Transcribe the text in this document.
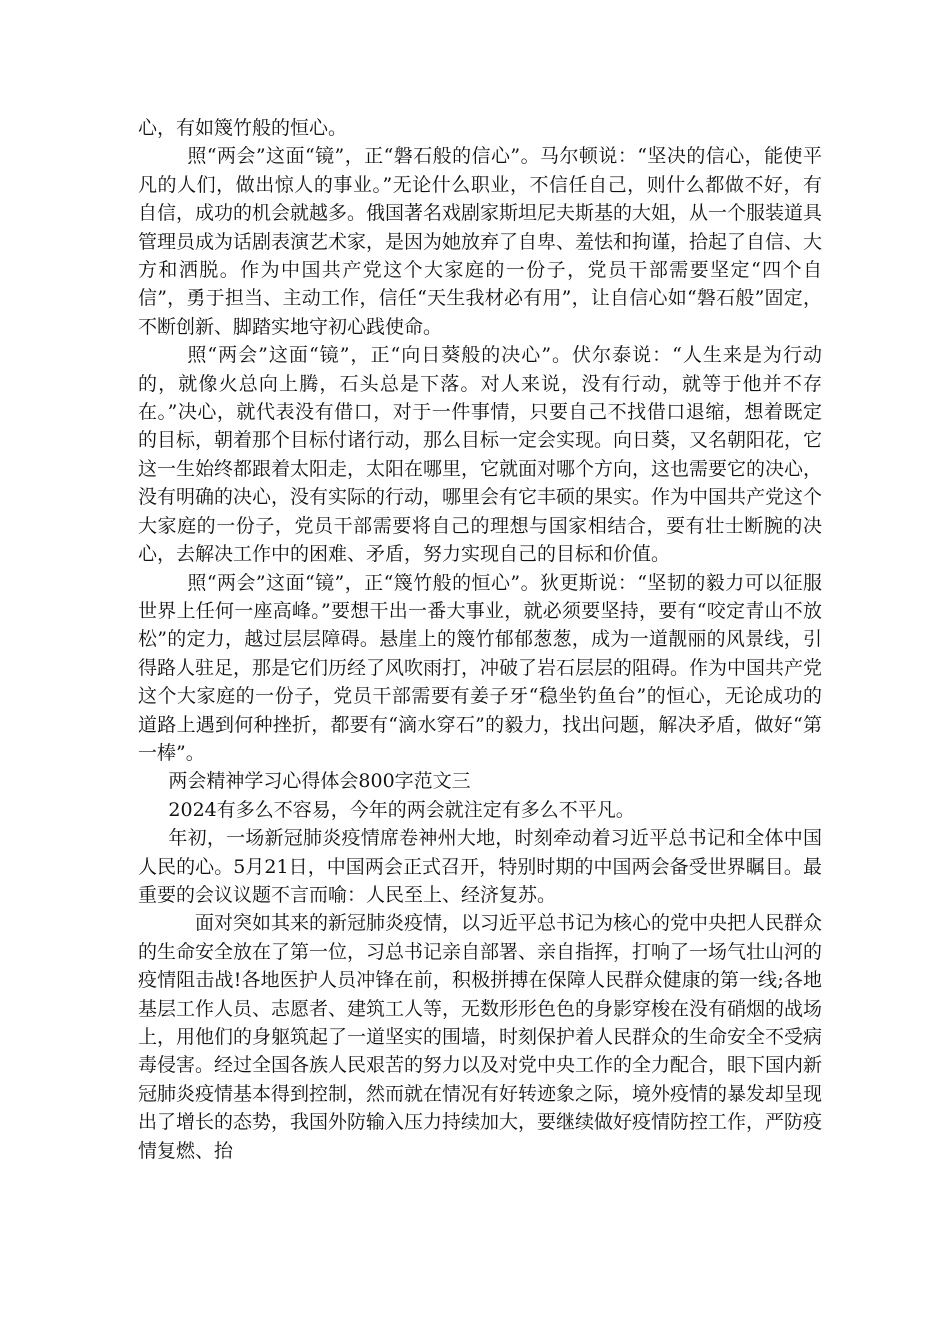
心，有如篾竹般的恒心。

照“两会”这面“镜”，正“磐石般的信心”。马尔顿说：“坚决的信心，能使平凡的人们，做出惊人的事业。”无论什么职业，不信任自己，则什么都做不好，有自信，成功的机会就越多。俄国著名戏剧家斯坦尼夫斯基的大姐，从一个服装道具管理员成为话剧表演艺术家，是因为她放弃了自卑、羞怯和拘谨，拾起了自信、大方和洒脱。作为中国共产党这个大家庭的一份子，党员干部需要坚定“四个自信”，勇于担当、主动工作，信任“天生我材必有用”，让自信心如“磐石般”固定，不断创新、脚踏实地守初心践使命。

照“两会”这面“镜”，正“向日葵般的决心”。伏尔泰说：“人生来是为行动的，就像火总向上腾，石头总是下落。对人来说，没有行动，就等于他并不存在。”决心，就代表没有借口，对于一件事情，只要自己不找借口退缩，想着既定的目标，朝着那个目标付诸行动，那么目标一定会实现。向日葵，又名朝阳花，它这一生始终都跟着太阳走，太阳在哪里，它就面对哪个方向，这也需要它的决心，没有明确的决心，没有实际的行动，哪里会有它丰硕的果实。作为中国共产党这个大家庭的一份子，党员干部需要将自己的理想与国家相结合，要有壮士断腕的决心，去解决工作中的困难、矛盾，努力实现自己的目标和价值。

照“两会”这面“镜”，正“篾竹般的恒心”。狄更斯说：“坚韧的毅力可以征服世界上任何一座高峰。”要想干出一番大事业，就必须要坚持，要有“咬定青山不放松”的定力，越过层层障碍。悬崖上的篾竹郁郁葱葱，成为一道靓丽的风景线，引得路人驻足，那是它们历经了风吹雨打，冲破了岩石层层的阻碍。作为中国共产党这个大家庭的一份子，党员干部需要有姜子牙“稳坐钓鱼台”的恒心，无论成功的道路上遇到何种挫折，都要有“滴水穿石”的毅力，找出问题，解决矛盾，做好“第一棒”。

两会精神学习心得体会800字范文三

2024有多么不容易，今年的两会就注定有多么不平凡。

年初，一场新冠肺炎疫情席卷神州大地，时刻牵动着习近平总书记和全体中国人民的心。5月21日，中国两会正式召开，特别时期的中国两会备受世界瞩目。最重要的会议议题不言而喻：人民至上、经济复苏。

面对突如其来的新冠肺炎疫情，以习近平总书记为核心的党中央把人民群众的生命安全放在了第一位，习总书记亲自部署、亲自指挥，打响了一场气壮山河的疫情阻击战!各地医护人员冲锋在前，积极拼搏在保障人民群众健康的第一线;各地基层工作人员、志愿者、建筑工人等，无数形形色色的身影穿梭在没有硝烟的战场上，用他们的身躯筑起了一道坚实的围墙，时刻保护着人民群众的生命安全不受病毒侵害。经过全国各族人民艰苦的努力以及对党中央工作的全力配合，眼下国内新冠肺炎疫情基本得到控制，然而就在情况有好转迹象之际，境外疫情的暴发却呈现出了增长的态势，我国外防输入压力持续加大，要继续做好疫情防控工作，严防疫情复燃、抬
